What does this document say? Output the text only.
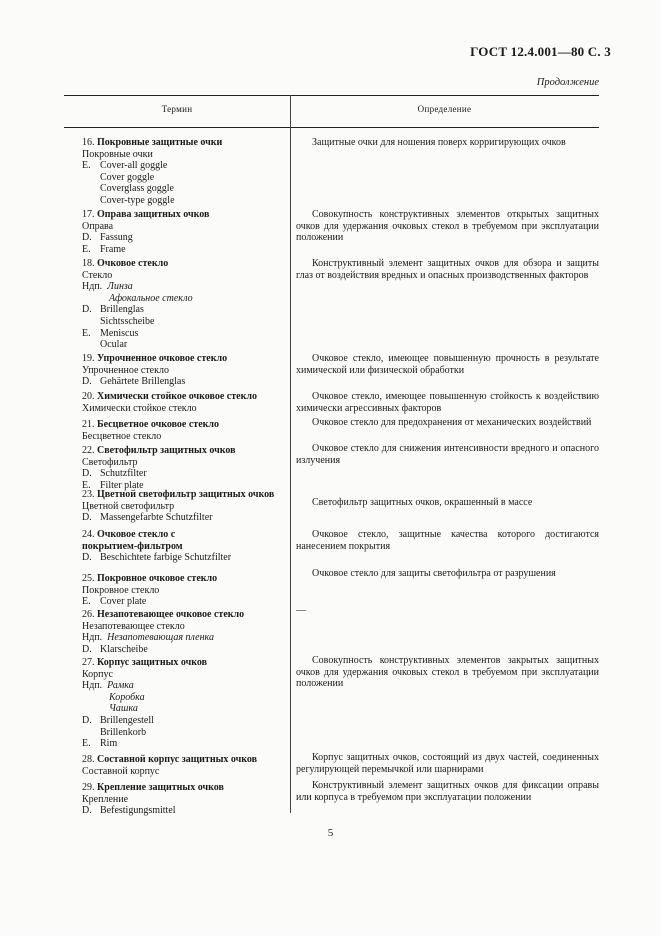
ГОСТ 12.4.001—80 С. 3
Продолжение
Термин	Определение
16. Покровные защитные очки
Покровные очки
E. Cover-all goggle
Cover goggle
Coverglass goggle
Cover-type goggle
17. Оправа защитных очков
Оправа
D. Fassung
E. Frame
18. Очковое стекло
Стекло
Ндп. Линза
Афокальное стекло
D. Brillenglas
Sichtsscheibe
E. Meniscus
Ocular
19. Упрочненное очковое стекло
Упрочненное стекло
D. Gehärtete Brillenglas
20. Химически стойкое очковое стекло
Химически стойкое стекло
21. Бесцветное очковое стекло
Бесцветное стекло
22. Светофильтр защитных очков
Светофильтр
D. Schutzfilter
E. Filter plate
23. Цветной светофильтр защитных очков
Цветной светофильтр
D. Massengefarbte Schutzfilter
24. Очковое стекло с
покрытием-фильтром
D. Beschichtete farbige Schutzfilter
25. Покровное очковое стекло
Покровное стекло
E. Cover plate
26. Незапотевающее очковое стекло
Незапотевающее стекло
Ндп. Незапотевающая пленка
D. Klarscheibe
27. Корпус защитных очков
Корпус
Ндп. Рамка
Коробка
Чашка
D. Brillengestell
Brillenkorb
E. Rim
28. Составной корпус защитных очков
Составной корпус
29. Крепление защитных очков
Крепление
D. Befestigungsmittel
Защитные очки для ношения поверх корригирующих очков
Совокупность конструктивных элементов открытых защитных очков для удержания очковых стекол в требуемом при эксплуатации положении
Конструктивный элемент защитных очков для обзора и защиты глаз от воздействия вредных и опасных производственных факторов
Очковое стекло, имеющее повышенную прочность в результате химической или физической обработки
Очковое стекло, имеющее повышенную стойкость к воздействию химически агрессивных факторов
Очковое стекло для предохранения от механических воздействий
Очковое стекло для снижения интенсивности вредного и опасного излучения
Светофильтр защитных очков, окрашенный в массе
Очковое стекло, защитные качества которого достигаются нанесением покрытия
Очковое стекло для защиты светофильтра от разрушения
—
Совокупность конструктивных элементов закрытых защитных очков для удержания очковых стекол в требуемом при эксплуатации положении
Корпус защитных очков, состоящий из двух частей, соединенных регулирующей перемычкой или шарнирами
Конструктивный элемент защитных очков для фиксации оправы или корпуса в требуемом при эксплуатации положении
5
